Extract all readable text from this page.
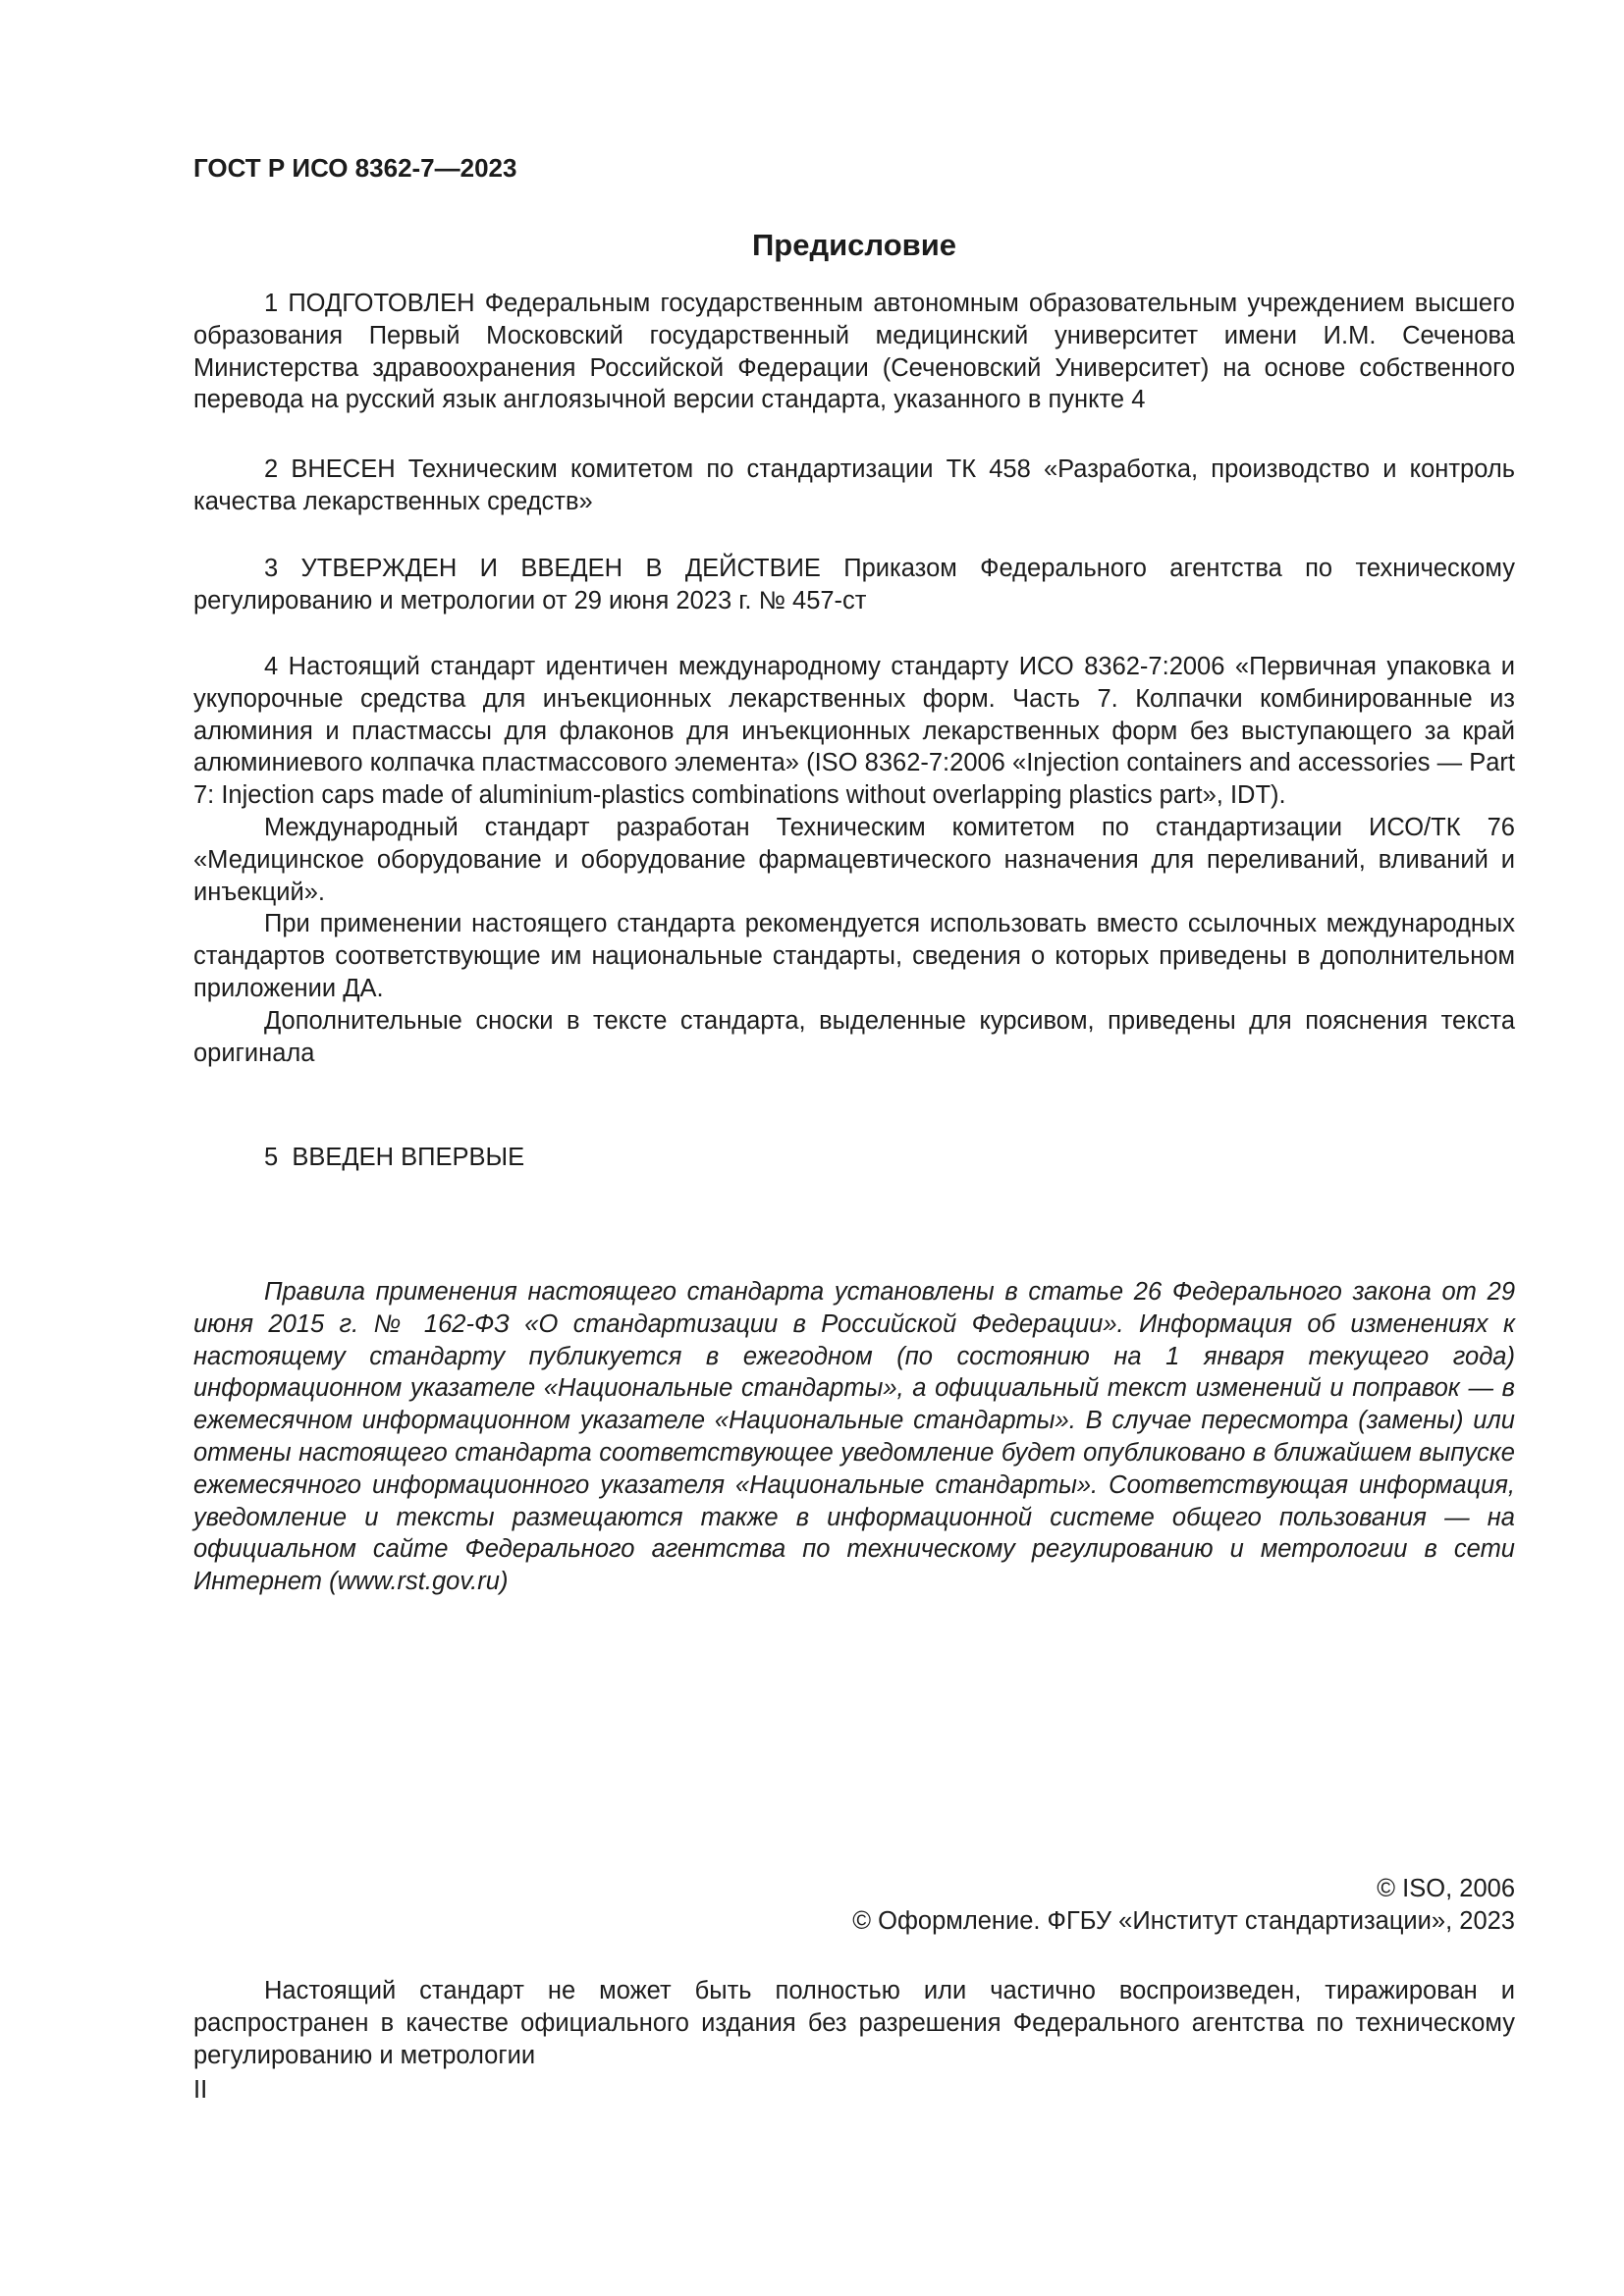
ГОСТ Р ИСО 8362-7—2023
Предисловие

1 ПОДГОТОВЛЕН Федеральным государственным автономным образовательным учреждением высшего образования Первый Московский государственный медицинский университет имени И.М. Сеченова Министерства здравоохранения Российской Федерации (Сеченовский Университет) на основе собственного перевода на русский язык англоязычной версии стандарта, указанного в пункте 4

2 ВНЕСЕН Техническим комитетом по стандартизации ТК 458 «Разработка, производство и контроль качества лекарственных средств»

3 УТВЕРЖДЕН И ВВЕДЕН В ДЕЙСТВИЕ Приказом Федерального агентства по техническому регулированию и метрологии от 29 июня 2023 г. № 457-ст

4 Настоящий стандарт идентичен международному стандарту ИСО 8362-7:2006 «Первичная упаковка и укупорочные средства для инъекционных лекарственных форм. Часть 7. Колпачки комбинированные из алюминия и пластмассы для флаконов для инъекционных лекарственных форм без выступающего за край алюминиевого колпачка пластмассового элемента» (ISO 8362-7:2006 «Injection containers and accessories — Part 7: Injection caps made of aluminium-plastics combinations without overlapping plastics part», IDT).

Международный стандарт разработан Техническим комитетом по стандартизации ИСО/ТК 76 «Медицинское оборудование и оборудование фармацевтического назначения для переливаний, вливаний и инъекций».

При применении настоящего стандарта рекомендуется использовать вместо ссылочных международных стандартов соответствующие им национальные стандарты, сведения о которых приведены в дополнительном приложении ДА.

Дополнительные сноски в тексте стандарта, выделенные курсивом, приведены для пояснения текста оригинала

5  ВВЕДЕН ВПЕРВЫЕ

Правила применения настоящего стандарта установлены в статье 26 Федерального закона от 29 июня 2015 г. № 162-ФЗ «О стандартизации в Российской Федерации». Информация об изменениях к настоящему стандарту публикуется в ежегодном (по состоянию на 1 января текущего года) информационном указателе «Национальные стандарты», а официальный текст изменений и поправок — в ежемесячном информационном указателе «Национальные стандарты». В случае пересмотра (замены) или отмены настоящего стандарта соответствующее уведомление будет опубликовано в ближайшем выпуске ежемесячного информационного указателя «Национальные стандарты». Соответствующая информация, уведомление и тексты размещаются также в информационной системе общего пользования — на официальном сайте Федерального агентства по техническому регулированию и метрологии в сети Интернет (www.rst.gov.ru)

© ISO, 2006
© Оформление. ФГБУ «Институт стандартизации», 2023

Настоящий стандарт не может быть полностью или частично воспроизведен, тиражирован и распространен в качестве официального издания без разрешения Федерального агентства по техническому регулированию и метрологии

II
